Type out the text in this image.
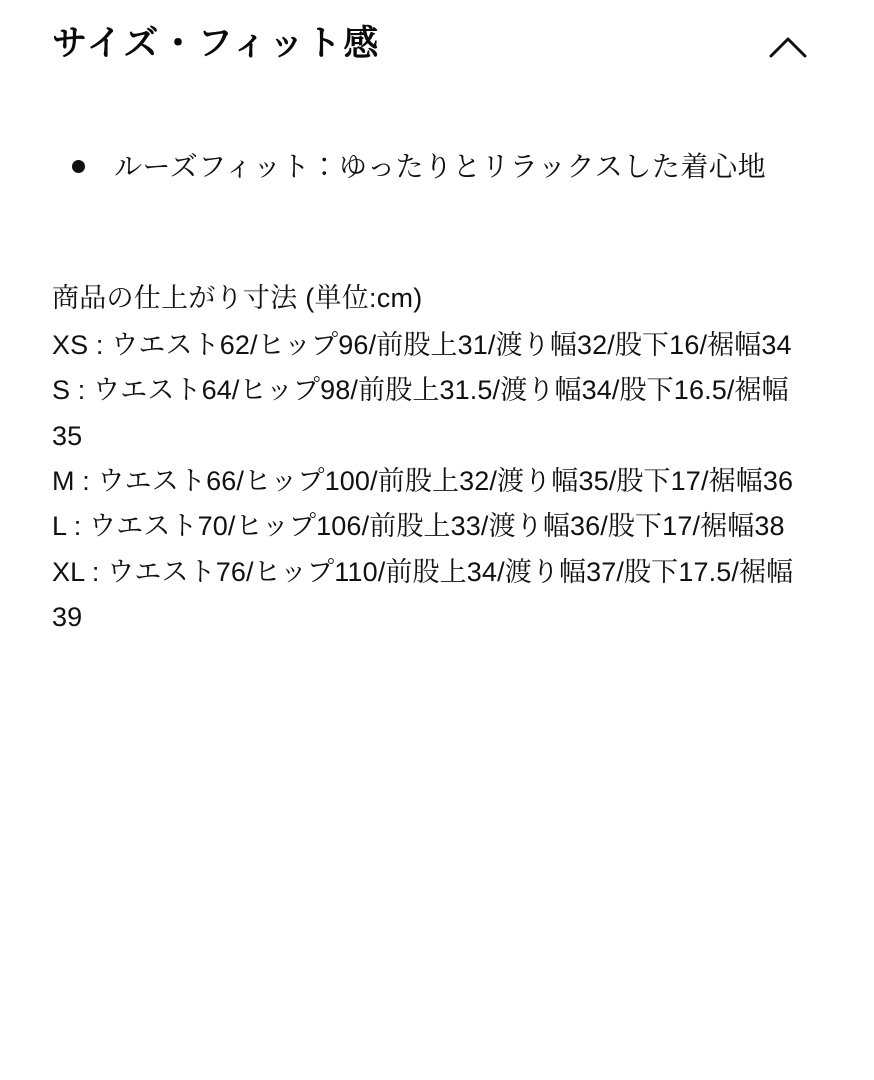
サイズ・フィット感
ルーズフィット：ゆったりとリラックスした着心地

商品の仕上がり寸法 (単位:cm)

XS : ウエスト62/ヒップ96/前股上31/渡り幅32/股下16/裾幅34

S : ウエスト64/ヒップ98/前股上31.5/渡り幅34/股下16.5/裾幅35

M : ウエスト66/ヒップ100/前股上32/渡り幅35/股下17/裾幅36

L : ウエスト70/ヒップ106/前股上33/渡り幅36/股下17/裾幅38

XL : ウエスト76/ヒップ110/前股上34/渡り幅37/股下17.5/裾幅39
